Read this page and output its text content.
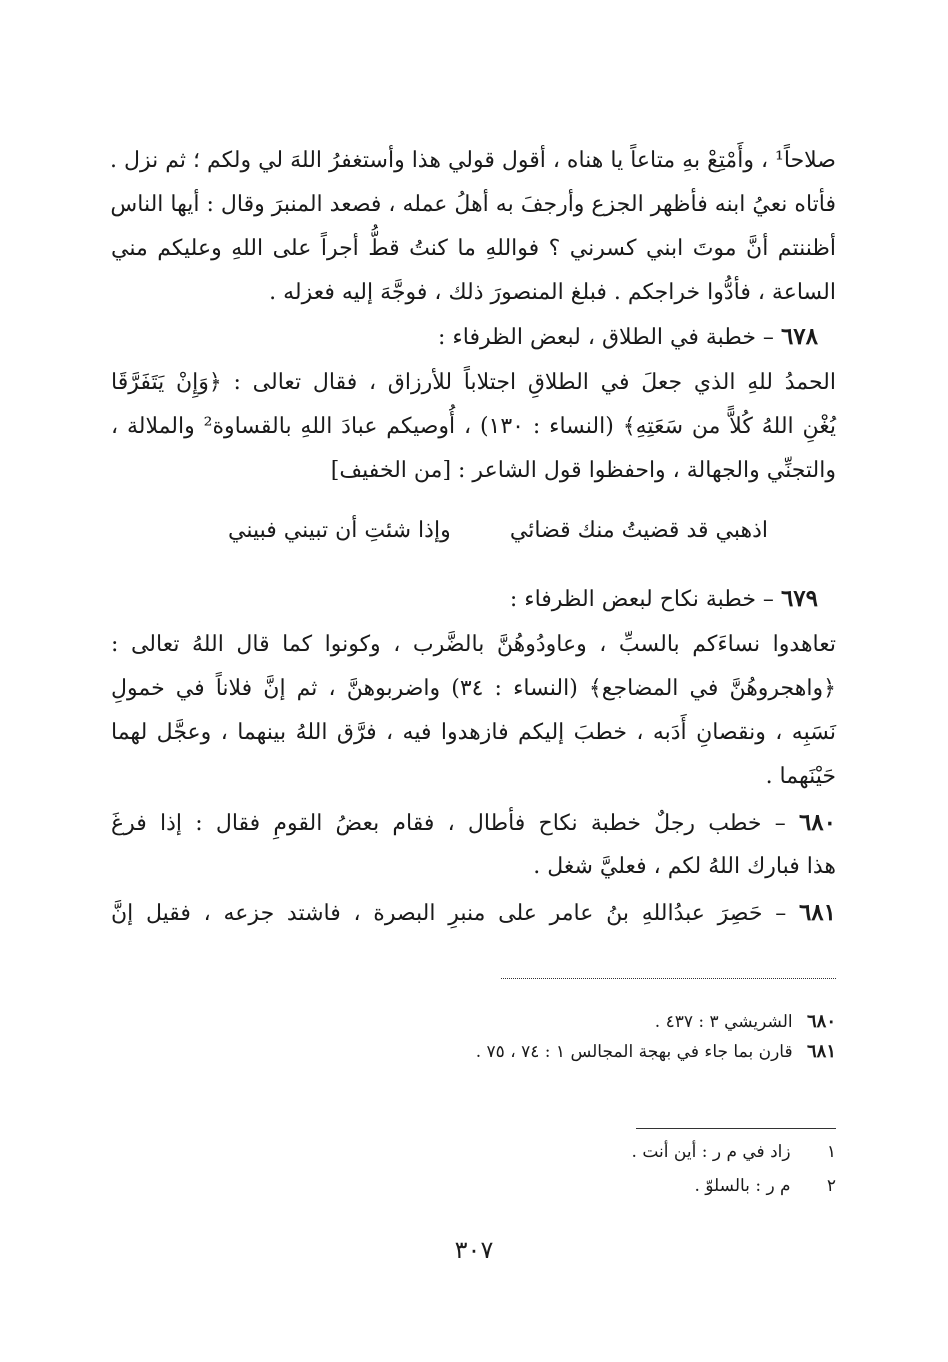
صلاحاً¹ ، وأَمْتِعْ بهِ متاعاً يا هناه ، أقول قولي هذا وأستغفرُ اللهَ لي ولكم ؛ ثم نزل .
فأتاه نعيُ ابنه فأظهر الجزع وأرجفَ به أهلُ عمله ، فصعد المنبرَ وقال : أيها الناس
أظننتم أنَّ موتَ ابني كسرني ؟ فواللهِ ما كنتُ قطُّ أجراً على اللهِ وعليكم مني
الساعة ، فأدُّوا خراجكم . فبلغ المنصورَ ذلك ، فوجَّهَ إليه فعزله .
٦٧٨ – خطبة في الطلاق ، لبعض الظرفاء :
الحمدُ للهِ الذي جعلَ في الطلاقِ اجتلاباً للأرزاق ، فقال تعالى : ﴿وَإِنْ يَتَفَرَّقَا
يُغْنِ اللهُ كُلاًّ من سَعَتِهِ﴾ (النساء : ١٣٠) ، أُوصيكم عبادَ اللهِ بالقساوة² والملالة ،
والتجنِّي والجهالة ، واحفظوا قول الشاعر : [من الخفيف]
اذهبي قد قضيتُ منك قضائي
وإذا شئتِ أن تبيني فبيني
٦٧٩ – خطبة نكاح لبعض الظرفاء :
تعاهدوا نساءَكم بالسبِّ ، وعاودُوهُنَّ بالضَّرب ، وكونوا كما قال اللهُ تعالى :
﴿واهجروهُنَّ في المضاجع﴾ (النساء : ٣٤) واضربوهنَّ ، ثم إنَّ فلاناً في خمولِ
نَسَبِه ، ونقصانِ أَدَبه ، خطبَ إليكم فازهدوا فيه ، فرَّق اللهُ بينهما ، وعجَّل لهما
حَيْنَهما .
٦٨٠ – خطب رجلٌ خطبة نكاح فأطال ، فقام بعضُ القومِ فقال : إذا فرغَ
هذا فبارك اللهُ لكم ، فعليَّ شغل .
٦٨١ – حَصِرَ عبدُاللهِ بنُ عامر على منبرِ البصرة ، فاشتد جزعه ، فقيل إنَّ
٦٨٠ الشريشي ٣ : ٤٣٧ .
٦٨١ قارن بما جاء في بهجة المجالس ١ : ٧٤ ، ٧٥ .
١ زاد في م ر : أين أنت .
٢ م ر : بالسلوّ .
٣٠٧
